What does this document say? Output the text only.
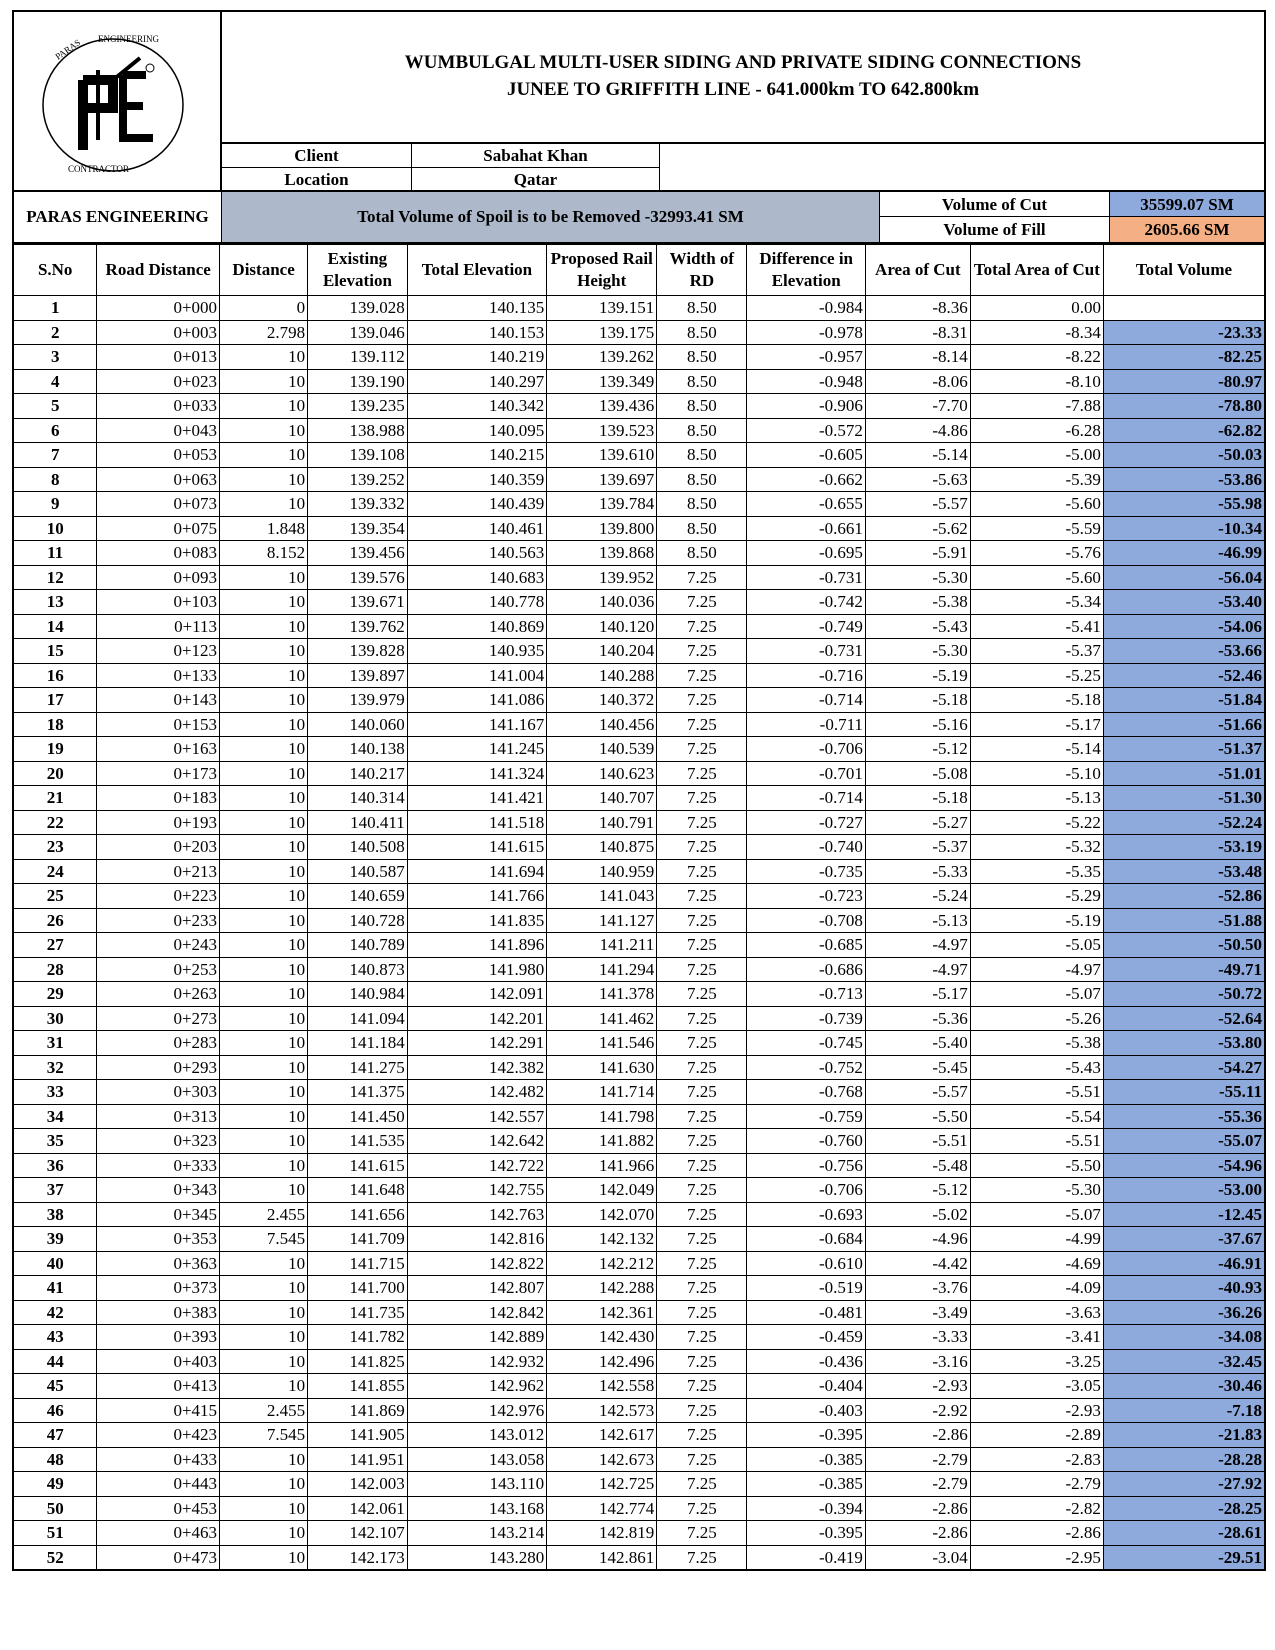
PARAS ENGINEERING
CONTRACTOR
WUMBULGAL MULTI-USER SIDING AND PRIVATE SIDING CONNECTIONS
JUNEE TO GRIFFITH LINE - 641.000km TO 642.800km
Client	Sabahat Khan
Location	Qatar
PARAS ENGINEERING	Total Volume of Spoil is to be Removed -32993.41 SM
Volume of Cut	35599.07 SM
Volume of Fill	2605.66 SM
S.No	Road Distance	Distance	Existing Elevation	Total Elevation	Proposed Rail Height	Width of RD	Difference in Elevation	Area of Cut	Total Area of Cut	Total Volume
1	0+000	0	139.028	140.135	139.151	8.50	-0.984	-8.36	0.00	
2	0+003	2.798	139.046	140.153	139.175	8.50	-0.978	-8.31	-8.34	-23.33
3	0+013	10	139.112	140.219	139.262	8.50	-0.957	-8.14	-8.22	-82.25
4	0+023	10	139.190	140.297	139.349	8.50	-0.948	-8.06	-8.10	-80.97
5	0+033	10	139.235	140.342	139.436	8.50	-0.906	-7.70	-7.88	-78.80
6	0+043	10	138.988	140.095	139.523	8.50	-0.572	-4.86	-6.28	-62.82
7	0+053	10	139.108	140.215	139.610	8.50	-0.605	-5.14	-5.00	-50.03
8	0+063	10	139.252	140.359	139.697	8.50	-0.662	-5.63	-5.39	-53.86
9	0+073	10	139.332	140.439	139.784	8.50	-0.655	-5.57	-5.60	-55.98
10	0+075	1.848	139.354	140.461	139.800	8.50	-0.661	-5.62	-5.59	-10.34
11	0+083	8.152	139.456	140.563	139.868	8.50	-0.695	-5.91	-5.76	-46.99
12	0+093	10	139.576	140.683	139.952	7.25	-0.731	-5.30	-5.60	-56.04
13	0+103	10	139.671	140.778	140.036	7.25	-0.742	-5.38	-5.34	-53.40
14	0+113	10	139.762	140.869	140.120	7.25	-0.749	-5.43	-5.41	-54.06
15	0+123	10	139.828	140.935	140.204	7.25	-0.731	-5.30	-5.37	-53.66
16	0+133	10	139.897	141.004	140.288	7.25	-0.716	-5.19	-5.25	-52.46
17	0+143	10	139.979	141.086	140.372	7.25	-0.714	-5.18	-5.18	-51.84
18	0+153	10	140.060	141.167	140.456	7.25	-0.711	-5.16	-5.17	-51.66
19	0+163	10	140.138	141.245	140.539	7.25	-0.706	-5.12	-5.14	-51.37
20	0+173	10	140.217	141.324	140.623	7.25	-0.701	-5.08	-5.10	-51.01
21	0+183	10	140.314	141.421	140.707	7.25	-0.714	-5.18	-5.13	-51.30
22	0+193	10	140.411	141.518	140.791	7.25	-0.727	-5.27	-5.22	-52.24
23	0+203	10	140.508	141.615	140.875	7.25	-0.740	-5.37	-5.32	-53.19
24	0+213	10	140.587	141.694	140.959	7.25	-0.735	-5.33	-5.35	-53.48
25	0+223	10	140.659	141.766	141.043	7.25	-0.723	-5.24	-5.29	-52.86
26	0+233	10	140.728	141.835	141.127	7.25	-0.708	-5.13	-5.19	-51.88
27	0+243	10	140.789	141.896	141.211	7.25	-0.685	-4.97	-5.05	-50.50
28	0+253	10	140.873	141.980	141.294	7.25	-0.686	-4.97	-4.97	-49.71
29	0+263	10	140.984	142.091	141.378	7.25	-0.713	-5.17	-5.07	-50.72
30	0+273	10	141.094	142.201	141.462	7.25	-0.739	-5.36	-5.26	-52.64
31	0+283	10	141.184	142.291	141.546	7.25	-0.745	-5.40	-5.38	-53.80
32	0+293	10	141.275	142.382	141.630	7.25	-0.752	-5.45	-5.43	-54.27
33	0+303	10	141.375	142.482	141.714	7.25	-0.768	-5.57	-5.51	-55.11
34	0+313	10	141.450	142.557	141.798	7.25	-0.759	-5.50	-5.54	-55.36
35	0+323	10	141.535	142.642	141.882	7.25	-0.760	-5.51	-5.51	-55.07
36	0+333	10	141.615	142.722	141.966	7.25	-0.756	-5.48	-5.50	-54.96
37	0+343	10	141.648	142.755	142.049	7.25	-0.706	-5.12	-5.30	-53.00
38	0+345	2.455	141.656	142.763	142.070	7.25	-0.693	-5.02	-5.07	-12.45
39	0+353	7.545	141.709	142.816	142.132	7.25	-0.684	-4.96	-4.99	-37.67
40	0+363	10	141.715	142.822	142.212	7.25	-0.610	-4.42	-4.69	-46.91
41	0+373	10	141.700	142.807	142.288	7.25	-0.519	-3.76	-4.09	-40.93
42	0+383	10	141.735	142.842	142.361	7.25	-0.481	-3.49	-3.63	-36.26
43	0+393	10	141.782	142.889	142.430	7.25	-0.459	-3.33	-3.41	-34.08
44	0+403	10	141.825	142.932	142.496	7.25	-0.436	-3.16	-3.25	-32.45
45	0+413	10	141.855	142.962	142.558	7.25	-0.404	-2.93	-3.05	-30.46
46	0+415	2.455	141.869	142.976	142.573	7.25	-0.403	-2.92	-2.93	-7.18
47	0+423	7.545	141.905	143.012	142.617	7.25	-0.395	-2.86	-2.89	-21.83
48	0+433	10	141.951	143.058	142.673	7.25	-0.385	-2.79	-2.83	-28.28
49	0+443	10	142.003	143.110	142.725	7.25	-0.385	-2.79	-2.79	-27.92
50	0+453	10	142.061	143.168	142.774	7.25	-0.394	-2.86	-2.82	-28.25
51	0+463	10	142.107	143.214	142.819	7.25	-0.395	-2.86	-2.86	-28.61
52	0+473	10	142.173	143.280	142.861	7.25	-0.419	-3.04	-2.95	-29.51
